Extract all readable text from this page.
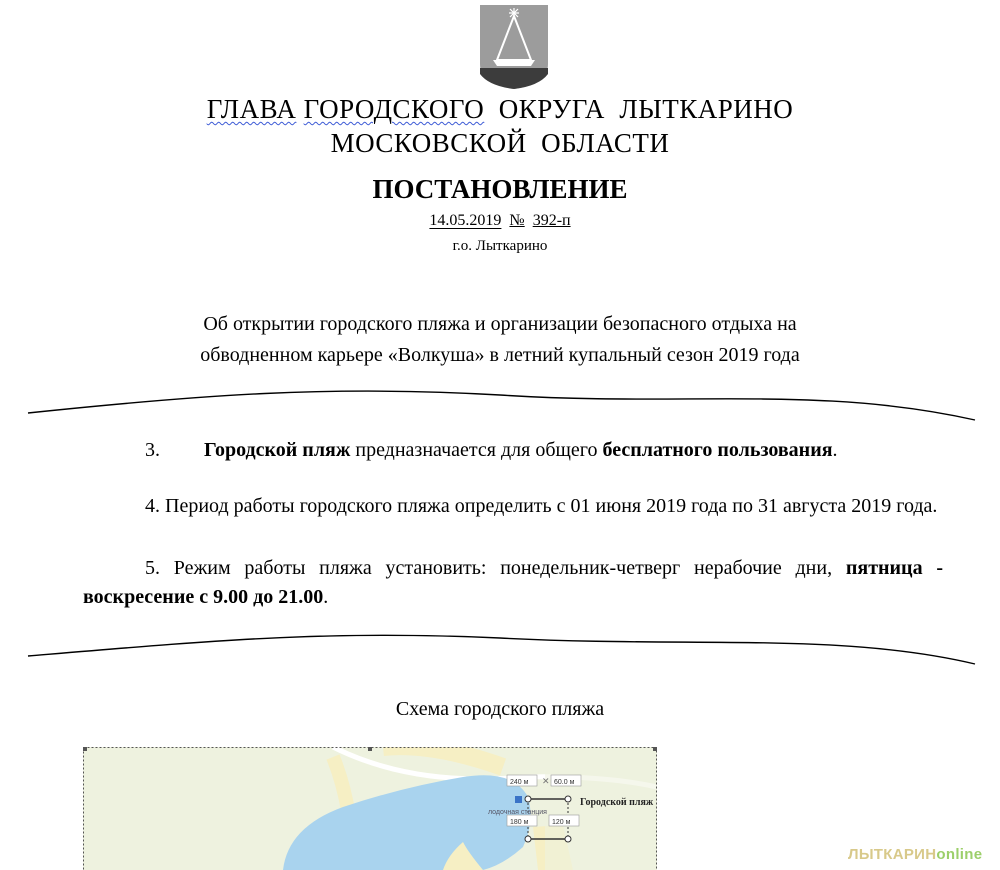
ГЛАВА ГОРОДСКОГО  ОКРУГА  ЛЫТКАРИНО
МОСКОВСКОЙ  ОБЛАСТИ
ПОСТАНОВЛЕНИЕ
14.05.2019 № 392-п
г.о. Лыткарино
Об открытии городского пляжа и организации безопасного отдыха на
обводненном карьере «Волкуша» в летний купальный сезон 2019 года
3. Городской пляж предназначается для общего бесплатного пользования.
4. Период работы городского пляжа определить с 01 июня 2019 года по 31 августа 2019 года.
5. Режим работы пляжа установить: понедельник-четверг нерабочие дни, пятница - воскресение с 9.00 до 21.00.
Схема городского пляжа
240 м ✕ 60.0 м
180 м	120 м
лодочная станция
Городской пляж
ЛЫТКАРИНonline
